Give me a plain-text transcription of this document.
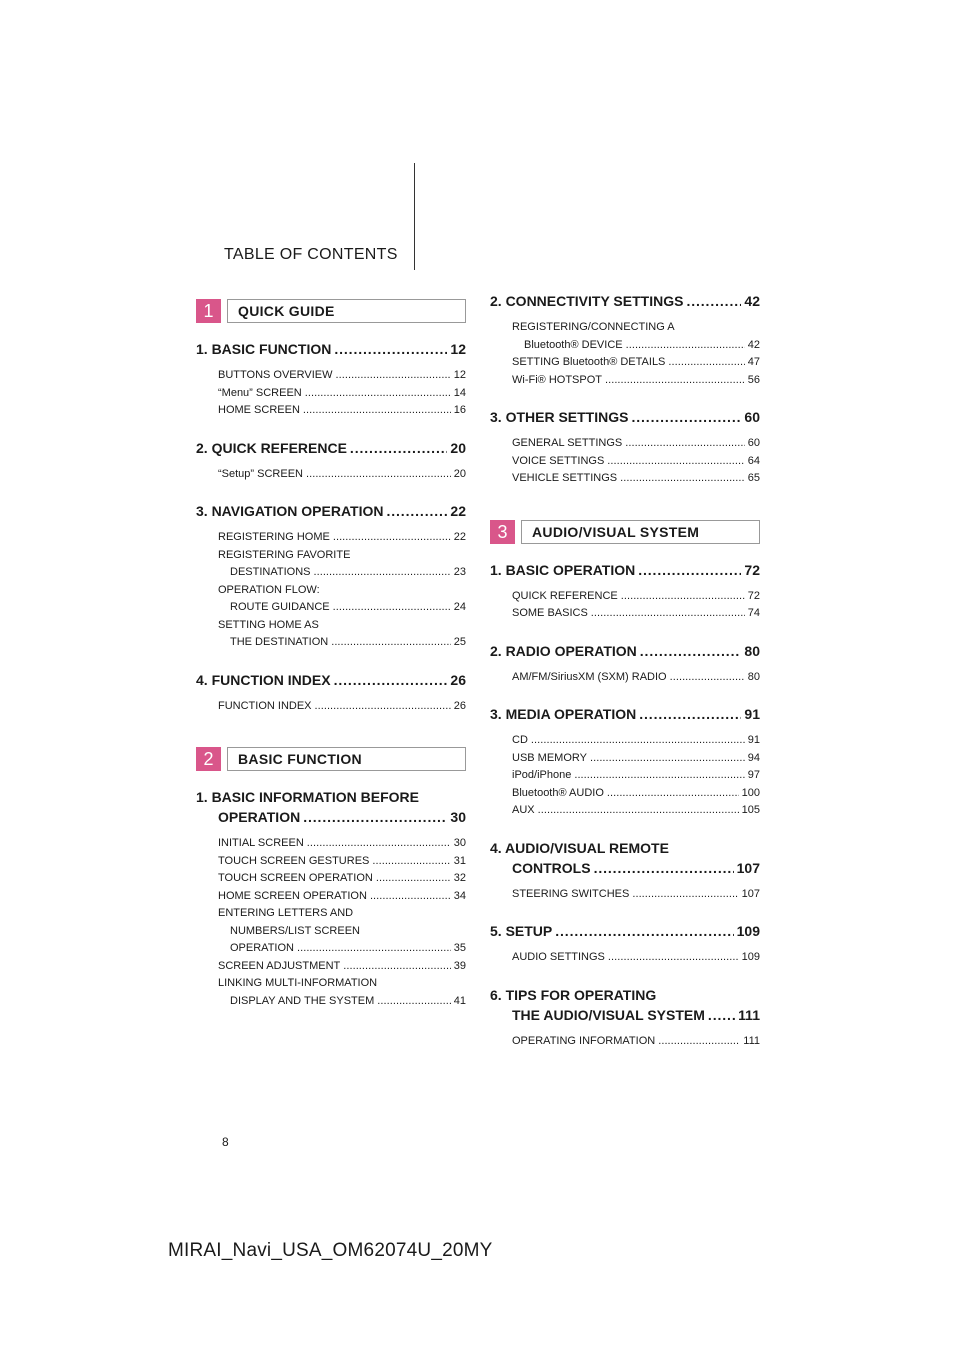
TABLE OF CONTENTS
1	QUICK GUIDE
1. BASIC FUNCTION . . .	12
BUTTONS OVERVIEW . . .	12
“Menu” SCREEN . . .	14
HOME SCREEN . . .	16
2. QUICK REFERENCE . . .	20
“Setup” SCREEN . . .	20
3. NAVIGATION OPERATION . . .	22
REGISTERING HOME . . .	22
REGISTERING FAVORITE
DESTINATIONS . . .	23
OPERATION FLOW:
ROUTE GUIDANCE . . .	24
SETTING HOME AS
THE DESTINATION . . .	25
4. FUNCTION INDEX . . .	26
FUNCTION INDEX . . .	26
2	BASIC FUNCTION
1. BASIC INFORMATION BEFORE
OPERATION . . .	30
INITIAL SCREEN . . .	30
TOUCH SCREEN GESTURES . . .	31
TOUCH SCREEN OPERATION . . .	32
HOME SCREEN OPERATION . . .	34
ENTERING LETTERS AND
NUMBERS/LIST SCREEN
OPERATION . . .	35
SCREEN ADJUSTMENT . . .	39
LINKING MULTI-INFORMATION
DISPLAY AND THE SYSTEM . . .	41
2. CONNECTIVITY SETTINGS . . .	42
REGISTERING/CONNECTING A
Bluetooth® DEVICE . . .	42
SETTING Bluetooth® DETAILS . . .	47
Wi-Fi® HOTSPOT . . .	56
3. OTHER SETTINGS . . .	60
GENERAL SETTINGS . . .	60
VOICE SETTINGS . . .	64
VEHICLE SETTINGS . . .	65
3	AUDIO/VISUAL SYSTEM
1. BASIC OPERATION . . .	72
QUICK REFERENCE . . .	72
SOME BASICS . . .	74
2. RADIO OPERATION . . .	80
AM/FM/SiriusXM (SXM) RADIO . . .	80
3. MEDIA OPERATION . . .	91
CD . . .	91
USB MEMORY . . .	94
iPod/iPhone . . .	97
Bluetooth® AUDIO . . .	100
AUX . . .	105
4. AUDIO/VISUAL REMOTE
CONTROLS . . .	107
STEERING SWITCHES . . .	107
5. SETUP . . .	109
AUDIO SETTINGS . . .	109
6. TIPS FOR OPERATING
THE AUDIO/VISUAL SYSTEM . . . 111
OPERATING INFORMATION . . .	111
8
MIRAI_Navi_USA_OM62074U_20MY
